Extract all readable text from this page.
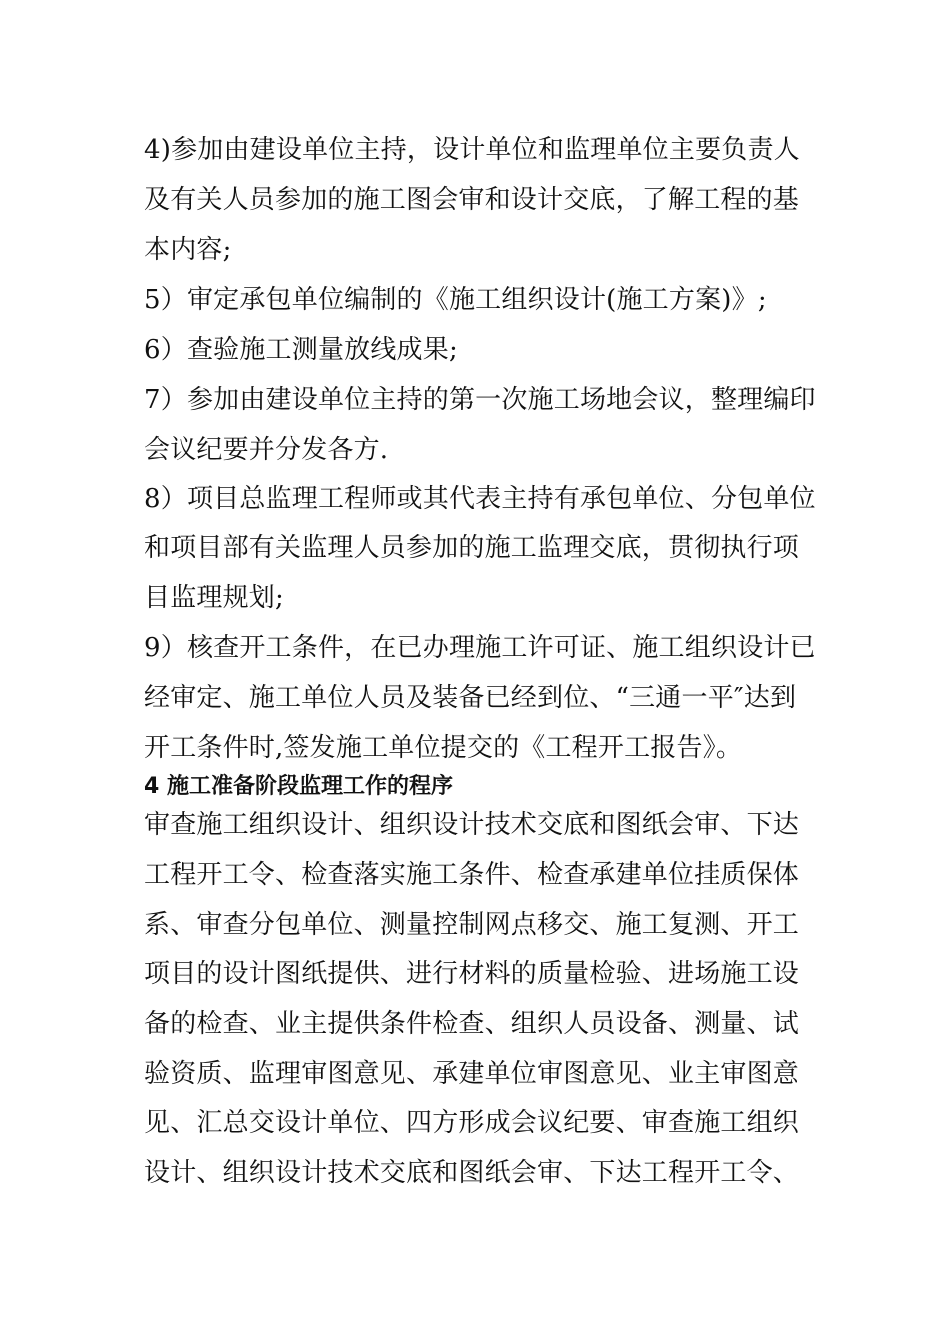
4)参加由建设单位主持，设计单位和监理单位主要负责人
及有关人员参加的施工图会审和设计交底，了解工程的基
本内容;
5）审定承包单位编制的《施工组织设计(施工方案)》;
6）查验施工测量放线成果;
7）参加由建设单位主持的第一次施工场地会议，整理编印
会议纪要并分发各方.
8）项目总监理工程师或其代表主持有承包单位、分包单位
和项目部有关监理人员参加的施工监理交底，贯彻执行项
目监理规划;
9）核查开工条件，在已办理施工许可证、施工组织设计已
经审定、施工单位人员及装备已经到位、“三通一平″达到
开工条件时,签发施工单位提交的《工程开工报告》。
4 施工准备阶段监理工作的程序
审查施工组织设计、组织设计技术交底和图纸会审、下达
工程开工令、检查落实施工条件、检查承建单位挂质保体
系、审查分包单位、测量控制网点移交、施工复测、开工
项目的设计图纸提供、进行材料的质量检验、进场施工设
备的检查、业主提供条件检查、组织人员设备、测量、试
验资质、监理审图意见、承建单位审图意见、业主审图意
见、汇总交设计单位、四方形成会议纪要、审查施工组织
设计、组织设计技术交底和图纸会审、下达工程开工令、
